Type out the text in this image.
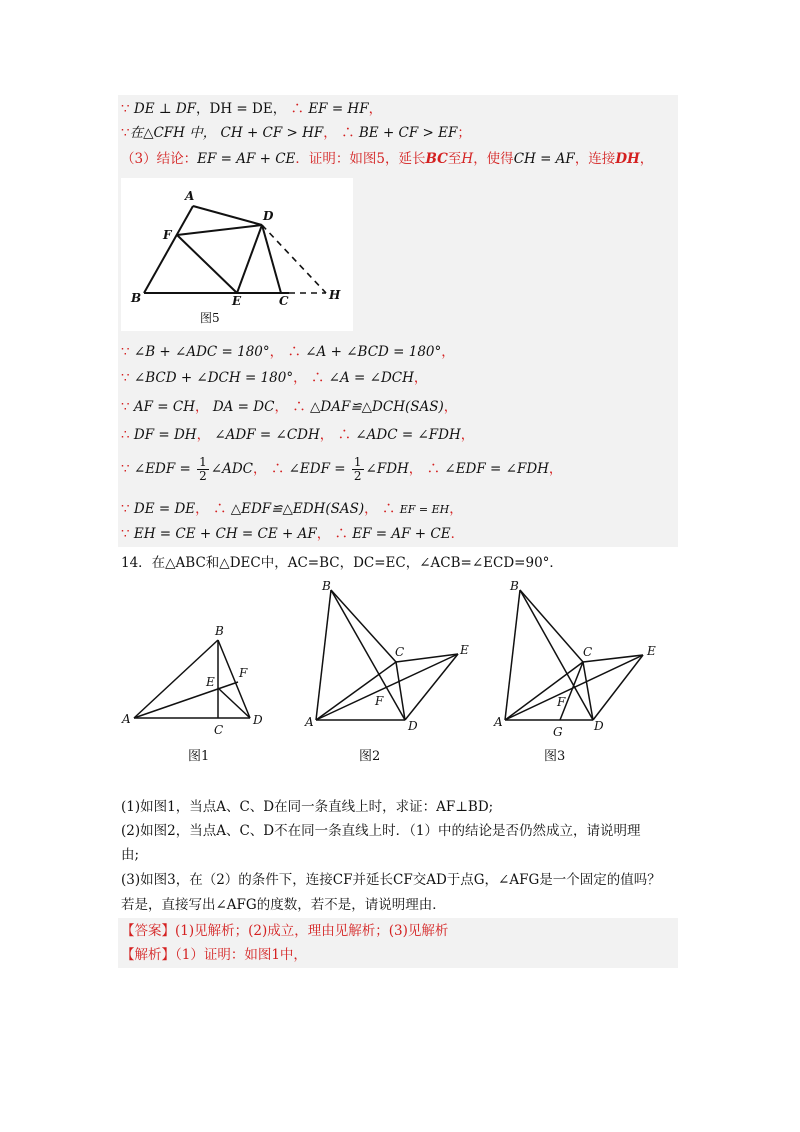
∵ DE ⊥ DF，DH = DE， ∴ EF = HF，
∵在△CFH 中， CH + CF > HF， ∴ BE + CF > EF；
（3）结论：EF = AF + CE．证明：如图5，延长BC至H，使得CH = AF，连接DH，
A
F
D
B	E	C	H
图5
∵ ∠B + ∠ADC = 180°， ∴ ∠A + ∠BCD = 180°，
∵ ∠BCD + ∠DCH = 180°， ∴ ∠A = ∠DCH，
∵ AF = CH， DA = DC， ∴ △DAF≌△DCH(SAS)，
∴ DF = DH， ∠ADF = ∠CDH， ∴ ∠ADC = ∠FDH，
∵ ∠EDF = $\frac{1}{2}$ ∠ADC， ∴ ∠EDF = $\frac{1}{2}$ ∠FDH， ∴ ∠EDF = ∠FDH，
∵ DE = DE， ∴ △EDF≌△EDH(SAS)， ∴ EF = EH，
∵ EH = CE + CH = CE + AF， ∴ EF = AF + CE．
14．在△ABC和△DEC中，AC=BC，DC=EC，∠ACB=∠ECD=90°．
B
F
E
A
C
D
图1
B
C	E
F
A	D
图2
B
C	E
F
A
G	D
图3
(1)如图1，当点A、C、D在同一条直线上时，求证：AF⊥BD;
(2)如图2，当点A、C、D不在同一条直线上时．（1）中的结论是否仍然成立，请说明理
由;
(3)如图3，在（2）的条件下，连接CF并延长CF交AD于点G，∠AFG是一个固定的值吗？
若是，直接写出∠AFG的度数，若不是，请说明理由．
【答案】(1)见解析；(2)成立，理由见解析；(3)见解析
【解析】（1）证明：如图1中，
